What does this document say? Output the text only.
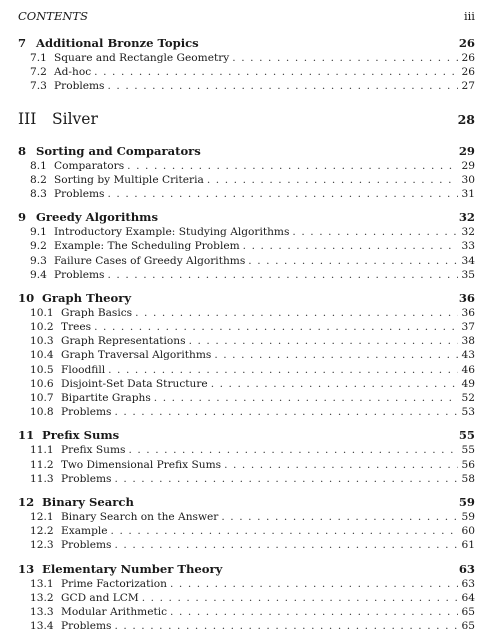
CONTENTS	iii
7 Additional Bronze Topics	26
7.1 Square and Rectangle Geometry . . .	26
7.2 Ad-hoc . . .	26
7.3 Problems . . .	27
III	Silver	28
8 Sorting and Comparators	29
8.1 Comparators . . .	29
8.2 Sorting by Multiple Criteria . . .	30
8.3 Problems . . .	31
9 Greedy Algorithms	32
9.1 Introductory Example: Studying Algorithms . . .	32
9.2 Example: The Scheduling Problem . . .	33
9.3 Failure Cases of Greedy Algorithms . . .	34
9.4 Problems . . .	35
10 Graph Theory	36
10.1 Graph Basics . . .	36
10.2 Trees . . .	37
10.3 Graph Representations . . .	38
10.4 Graph Traversal Algorithms . . .	43
10.5 Floodfill . . .	46
10.6 Disjoint-Set Data Structure . . .	49
10.7 Bipartite Graphs . . .	52
10.8 Problems . . .	53
11 Prefix Sums	55
11.1 Prefix Sums . . .	55
11.2 Two Dimensional Prefix Sums . . .	56
11.3 Problems . . .	58
12 Binary Search	59
12.1 Binary Search on the Answer . . .	59
12.2 Example . . .	60
12.3 Problems . . .	61
13 Elementary Number Theory	63
13.1 Prime Factorization . . .	63
13.2 GCD and LCM . . .	64
13.3 Modular Arithmetic . . .	65
13.4 Problems . . .	65
